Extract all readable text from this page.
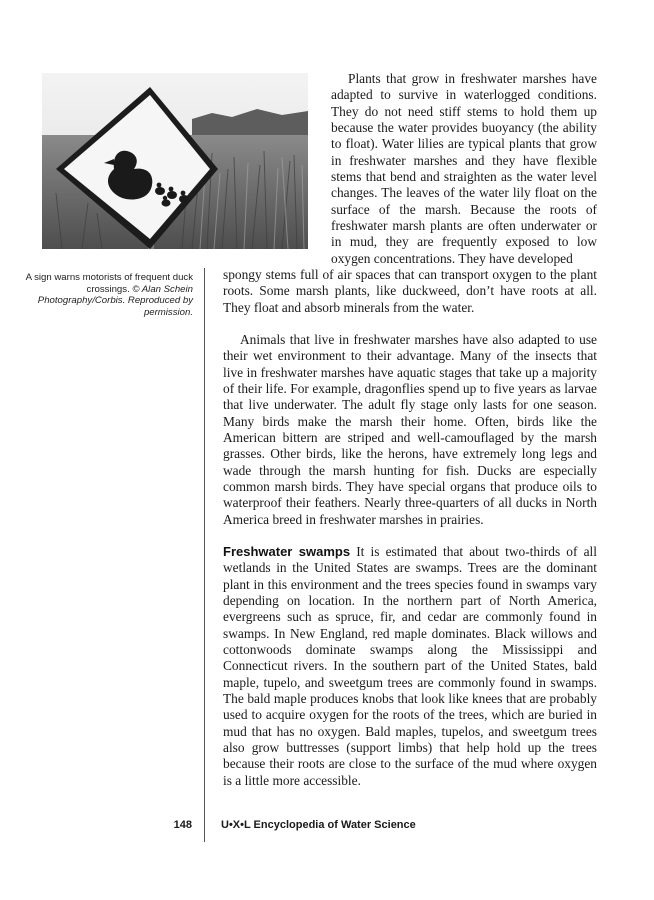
A sign warns motorists of frequent duck crossings. © Alan Schein Photography/Corbis. Reproduced by permission.

Plants that grow in freshwater marshes have adapted to survive in waterlogged conditions. They do not need stiff stems to hold them up because the water provides buoyancy (the ability to float). Water lilies are typical plants that grow in freshwater marshes and they have flexible stems that bend and straighten as the water level changes. The leaves of the water lily float on the surface of the marsh. Because the roots of freshwater marsh plants are often underwater or in mud, they are frequently exposed to low oxygen concentrations. They have developed

spongy stems full of air spaces that can transport oxygen to the plant roots. Some marsh plants, like duckweed, don’t have roots at all. They float and absorb minerals from the water.

Animals that live in freshwater marshes have also adapted to use their wet environment to their advantage. Many of the insects that live in freshwater marshes have aquatic stages that take up a majority of their life. For example, dragonflies spend up to five years as larvae that live underwater. The adult fly stage only lasts for one season. Many birds make the marsh their home. Often, birds like the American bittern are striped and well-camouflaged by the marsh grasses. Other birds, like the herons, have extremely long legs and wade through the marsh hunting for fish. Ducks are especially common marsh birds. They have special organs that produce oils to waterproof their feathers. Nearly three-quarters of all ducks in North America breed in freshwater marshes in prairies.

Freshwater swamps It is estimated that about two-thirds of all wetlands in the United States are swamps. Trees are the dominant plant in this environment and the trees species found in swamps vary depending on location. In the northern part of North America, evergreens such as spruce, fir, and cedar are commonly found in swamps. In New England, red maple dominates. Black willows and cottonwoods dominate swamps along the Mississippi and Connecticut rivers. In the southern part of the United States, bald maple, tupelo, and sweetgum trees are commonly found in swamps. The bald maple produces knobs that look like knees that are probably used to acquire oxygen for the roots of the trees, which are buried in mud that has no oxygen. Bald maples, tupelos, and sweetgum trees also grow buttresses (support limbs) that help hold up the trees because their roots are close to the surface of the mud where oxygen is a little more accessible.

148	U•X•L Encyclopedia of Water Science
